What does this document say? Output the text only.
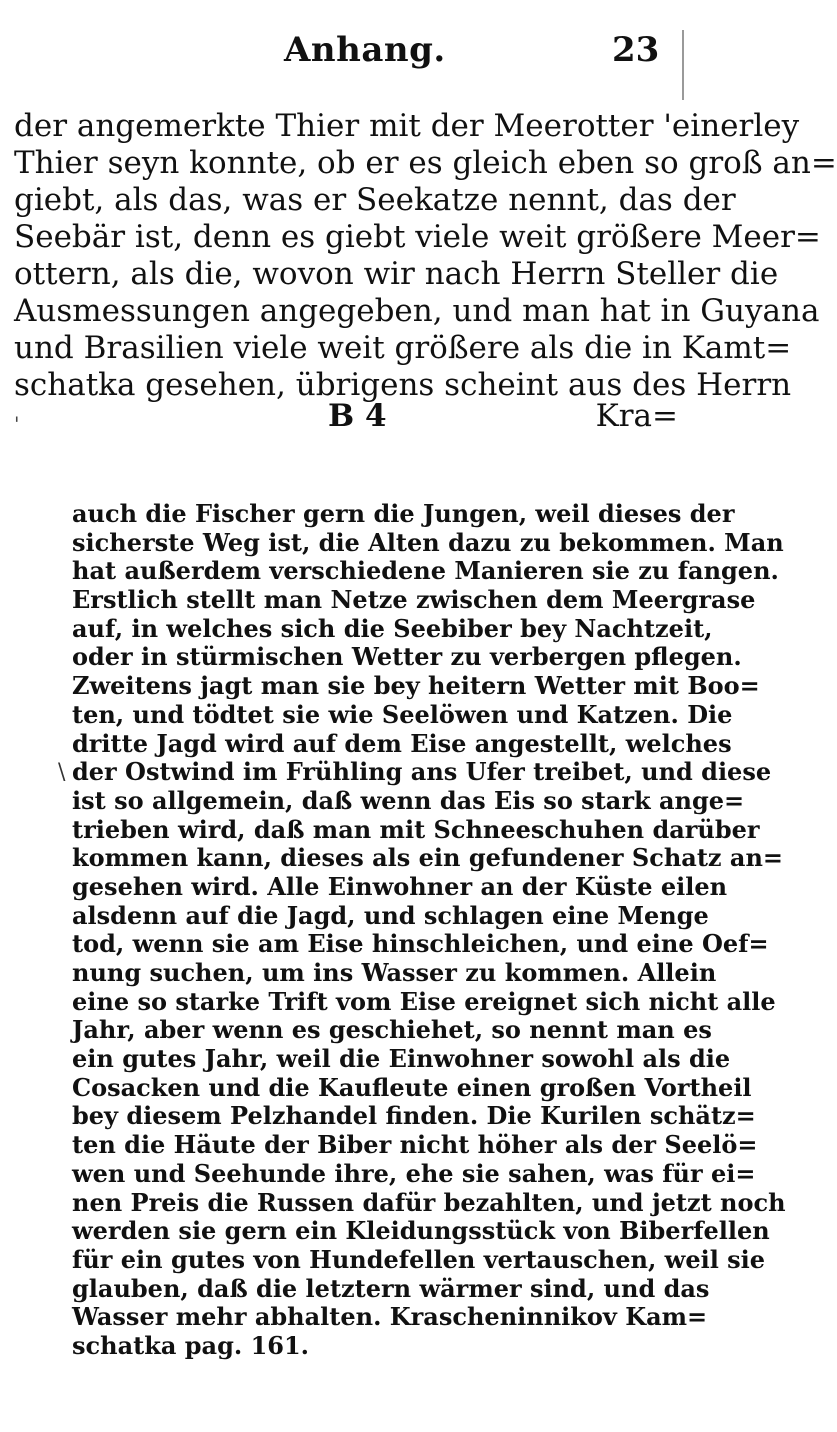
Anhang.	23
der angemerkte Thier mit der Meerotter 'einerley
Thier seyn konnte, ob er es gleich eben so groß an=
giebt, als das, was er Seekatze nennt, das der
Seebär ist, denn es giebt viele weit größere Meer=
ottern, als die, wovon wir nach Herrn Steller die
Ausmessungen angegeben, und man hat in Guyana
und Brasilien viele weit größere als die in Kamt=
schatka gesehen, übrigens scheint aus des Herrn
'	B 4	Kra=
\
auch die Fischer gern die Jungen, weil dieses der
sicherste Weg ist, die Alten dazu zu bekommen. Man
hat außerdem verschiedene Manieren sie zu fangen.
Erstlich stellt man Netze zwischen dem Meergrase
auf, in welches sich die Seebiber bey Nachtzeit,
oder in stürmischen Wetter zu verbergen pflegen.
Zweitens jagt man sie bey heitern Wetter mit Boo=
ten, und tödtet sie wie Seelöwen und Katzen. Die
dritte Jagd wird auf dem Eise angestellt, welches
der Ostwind im Frühling ans Ufer treibet, und diese
ist so allgemein, daß wenn das Eis so stark ange=
trieben wird, daß man mit Schneeschuhen darüber
kommen kann, dieses als ein gefundener Schatz an=
gesehen wird. Alle Einwohner an der Küste eilen
alsdenn auf die Jagd, und schlagen eine Menge
tod, wenn sie am Eise hinschleichen, und eine Oef=
nung suchen, um ins Wasser zu kommen. Allein
eine so starke Trift vom Eise ereignet sich nicht alle
Jahr, aber wenn es geschiehet, so nennt man es
ein gutes Jahr, weil die Einwohner sowohl als die
Cosacken und die Kaufleute einen großen Vortheil
bey diesem Pelzhandel finden. Die Kurilen schätz=
ten die Häute der Biber nicht höher als der Seelö=
wen und Seehunde ihre, ehe sie sahen, was für ei=
nen Preis die Russen dafür bezahlten, und jetzt noch
werden sie gern ein Kleidungsstück von Biberfellen
für ein gutes von Hundefellen vertauschen, weil sie
glauben, daß die letztern wärmer sind, und das
Wasser mehr abhalten. Krascheninnikov Kam=
schatka pag. 161.
